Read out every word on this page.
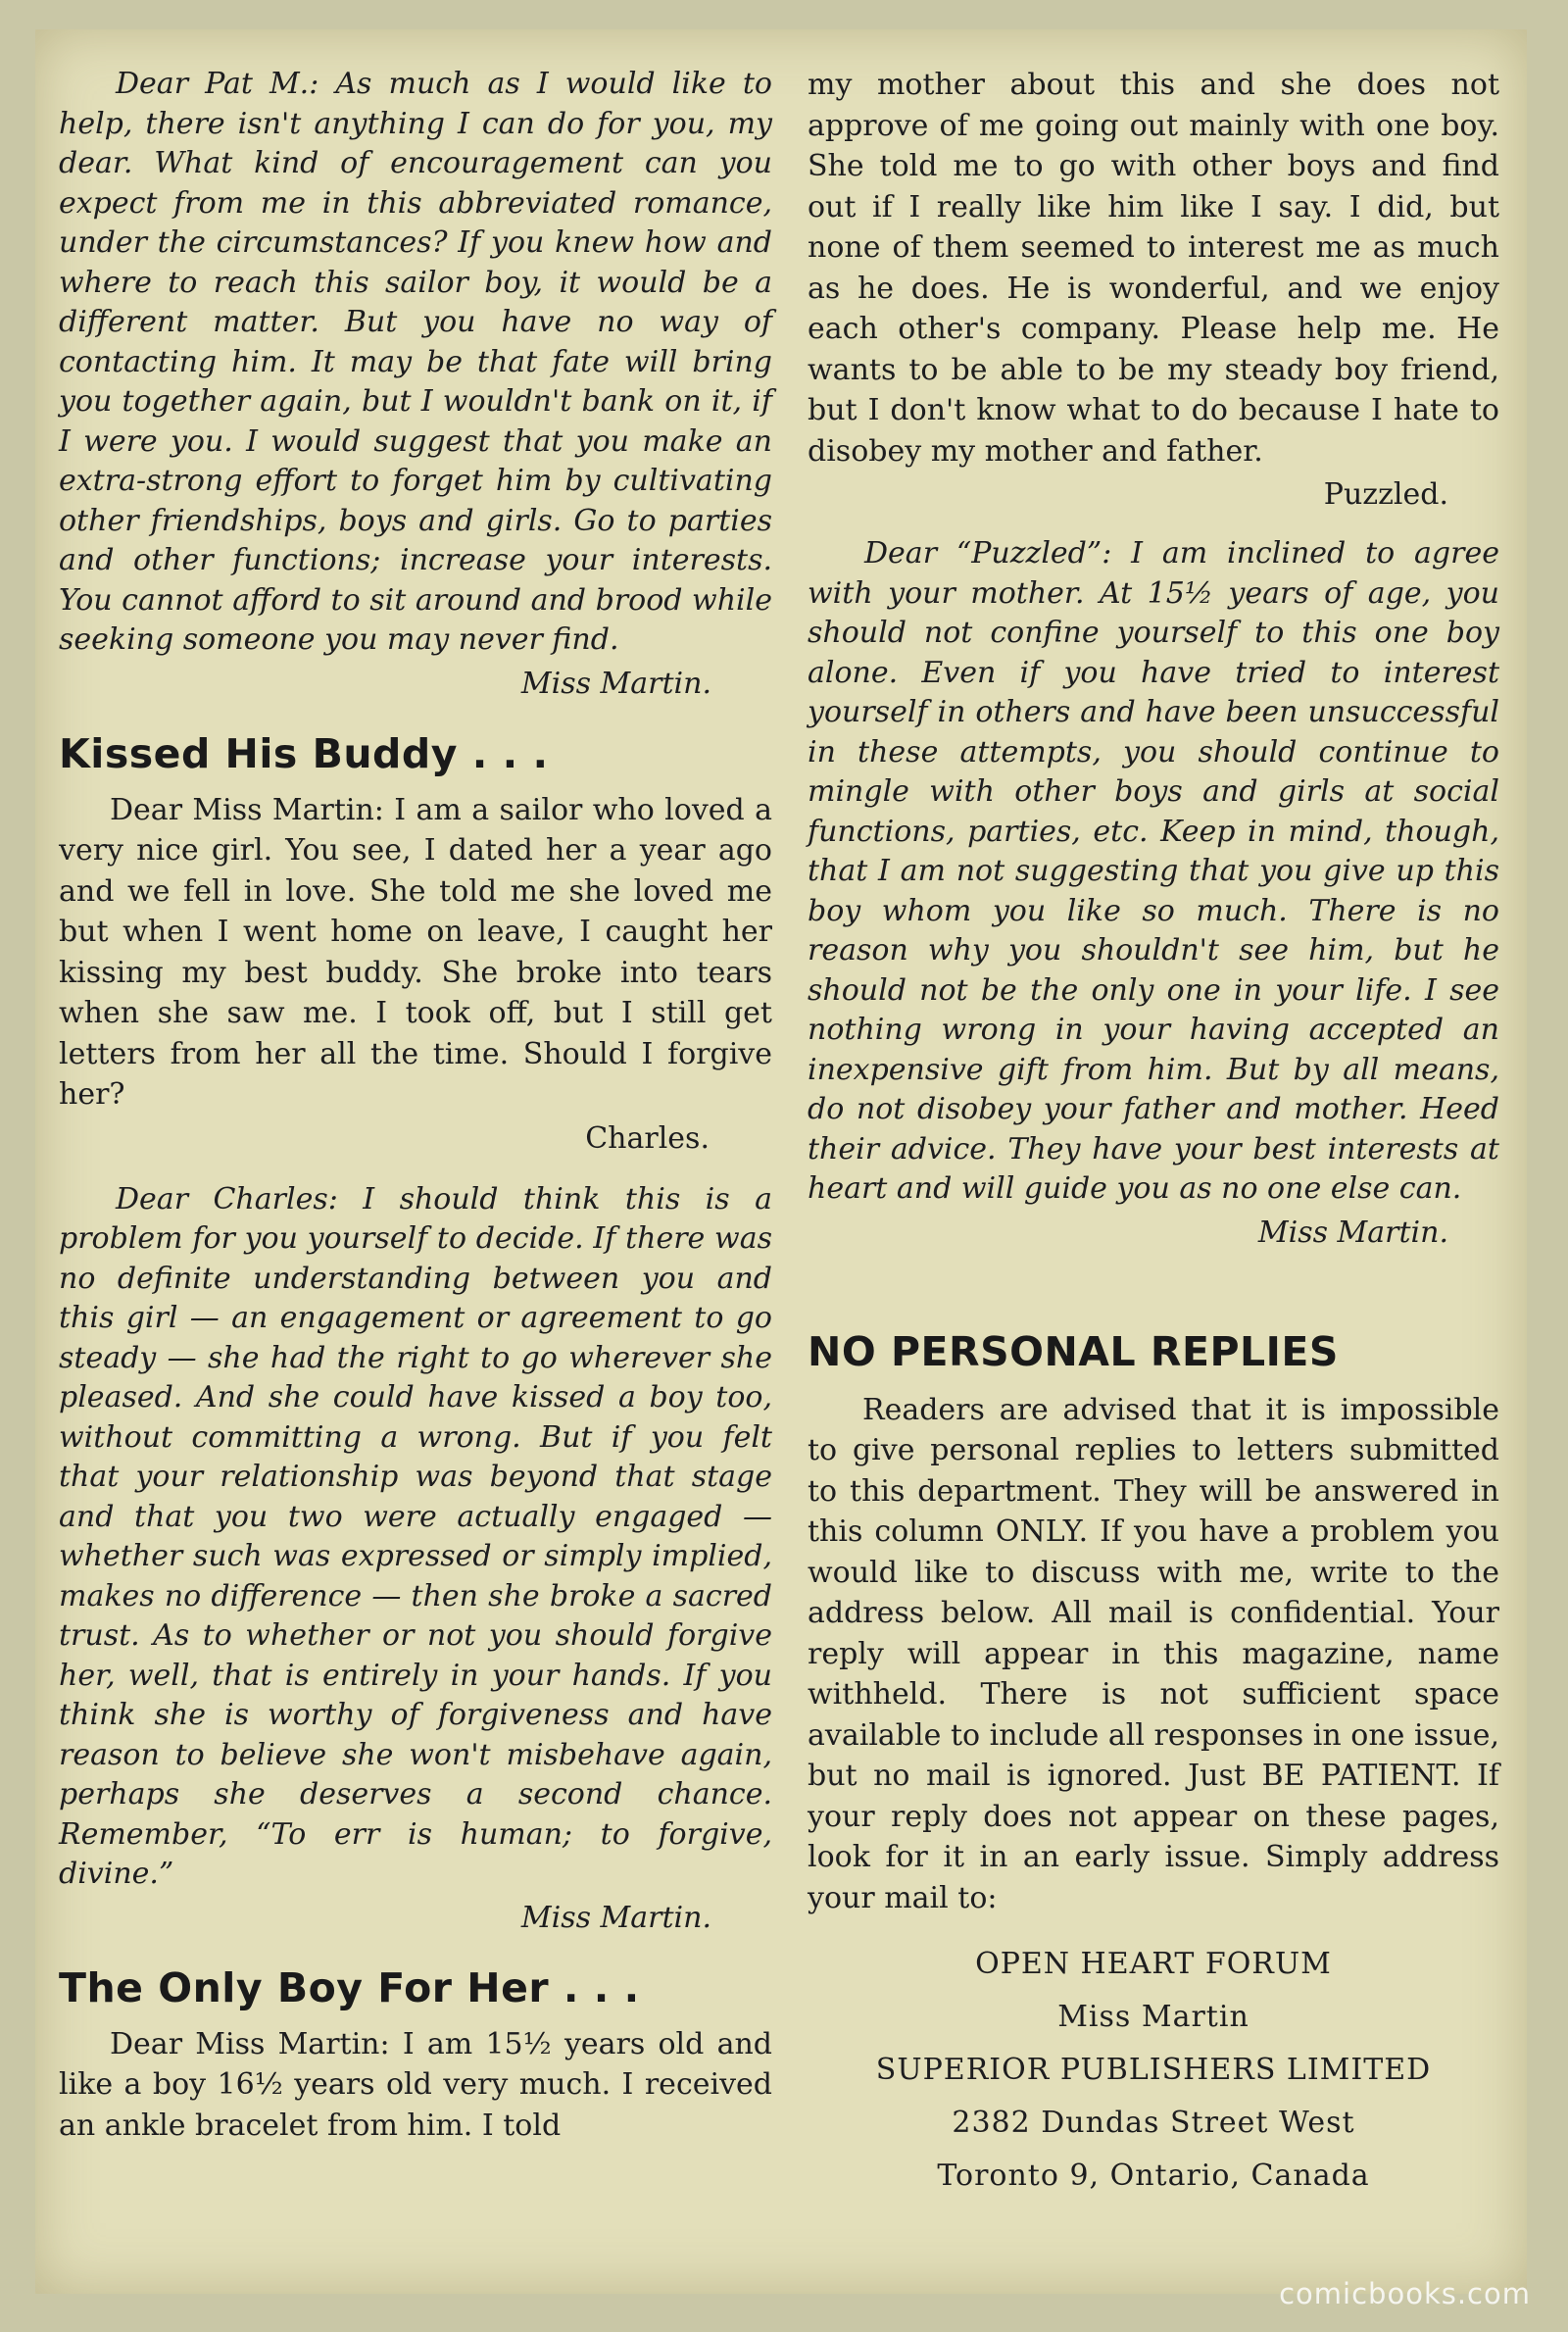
Dear Pat M.: As much as I would like to help, there isn't anything I can do for you, my dear. What kind of encouragement can you expect from me in this abbreviated romance, under the circumstances? If you knew how and where to reach this sailor boy, it would be a different matter. But you have no way of contacting him. It may be that fate will bring you together again, but I wouldn't bank on it, if I were you. I would suggest that you make an extra-strong effort to forget him by cultivating other friendships, boys and girls. Go to parties and other functions; increase your interests. You cannot afford to sit around and brood while seeking someone you may never find.

Miss Martin.

Kissed His Buddy . . .

Dear Miss Martin: I am a sailor who loved a very nice girl. You see, I dated her a year ago and we fell in love. She told me she loved me but when I went home on leave, I caught her kissing my best buddy. She broke into tears when she saw me. I took off, but I still get letters from her all the time. Should I forgive her?

Charles.

Dear Charles: I should think this is a problem for you yourself to decide. If there was no definite understanding between you and this girl — an engagement or agreement to go steady — she had the right to go wherever she pleased. And she could have kissed a boy too, without committing a wrong. But if you felt that your relationship was beyond that stage and that you two were actually engaged — whether such was expressed or simply implied, makes no difference — then she broke a sacred trust. As to whether or not you should forgive her, well, that is entirely in your hands. If you think she is worthy of forgiveness and have reason to believe she won't misbehave again, perhaps she deserves a second chance. Remember, “To err is human; to forgive, divine.”

Miss Martin.

The Only Boy For Her . . .

Dear Miss Martin: I am 15½ years old and like a boy 16½ years old very much. I received an ankle bracelet from him. I told

my mother about this and she does not approve of me going out mainly with one boy. She told me to go with other boys and find out if I really like him like I say. I did, but none of them seemed to interest me as much as he does. He is wonderful, and we enjoy each other's company. Please help me. He wants to be able to be my steady boy friend, but I don't know what to do because I hate to disobey my mother and father.

Puzzled.

Dear “Puzzled”: I am inclined to agree with your mother. At 15½ years of age, you should not confine yourself to this one boy alone. Even if you have tried to interest yourself in others and have been unsuccessful in these attempts, you should continue to mingle with other boys and girls at social functions, parties, etc. Keep in mind, though, that I am not suggesting that you give up this boy whom you like so much. There is no reason why you shouldn't see him, but he should not be the only one in your life. I see nothing wrong in your having accepted an inexpensive gift from him. But by all means, do not disobey your father and mother. Heed their advice. They have your best interests at heart and will guide you as no one else can.

Miss Martin.

NO PERSONAL REPLIES

Readers are advised that it is impossible to give personal replies to letters submitted to this department. They will be answered in this column ONLY. If you have a problem you would like to discuss with me, write to the address below. All mail is confidential. Your reply will appear in this magazine, name withheld. There is not sufficient space available to include all responses in one issue, but no mail is ignored. Just BE PATIENT. If your reply does not appear on these pages, look for it in an early issue. Simply address your mail to:

OPEN HEART FORUM

Miss Martin

SUPERIOR PUBLISHERS LIMITED

2382 Dundas Street West

Toronto 9, Ontario, Canada

comicbooks.com
